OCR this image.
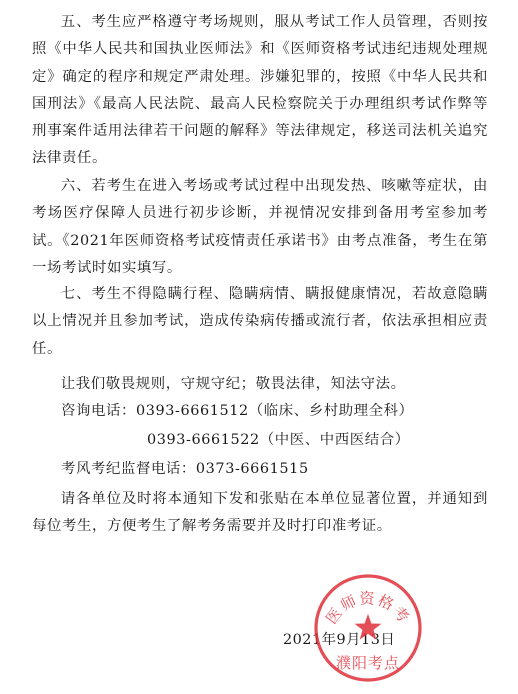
五、考生应严格遵守考场规则，服从考试工作人员管理，否则按照《中华人民共和国执业医师法》和《医师资格考试违纪违规处理规定》确定的程序和规定严肃处理。涉嫌犯罪的，按照《中华人民共和国刑法》《最高人民法院、最高人民检察院关于办理组织考试作弊等刑事案件适用法律若干问题的解释》等法律规定，移送司法机关追究法律责任。

六、若考生在进入考场或考试过程中出现发热、咳嗽等症状，由考场医疗保障人员进行初步诊断，并视情况安排到备用考室参加考试。《2021年医师资格考试疫情责任承诺书》由考点准备，考生在第一场考试时如实填写。

七、考生不得隐瞒行程、隐瞒病情、瞒报健康情况，若故意隐瞒以上情况并且参加考试，造成传染病传播或流行者，依法承担相应责任。

让我们敬畏规则，守规守纪；敬畏法律，知法守法。

咨询电话：0393-6661512（临床、乡村助理全科）
0393-6661522（中医、中西医结合）
考风考纪监督电话：0373-6661515

请各单位及时将本通知下发和张贴在本单位显著位置，并通知到每位考生，方便考生了解考务需要并及时打印准考证。

2021年9月13日
医师资格考
濮阳考点
